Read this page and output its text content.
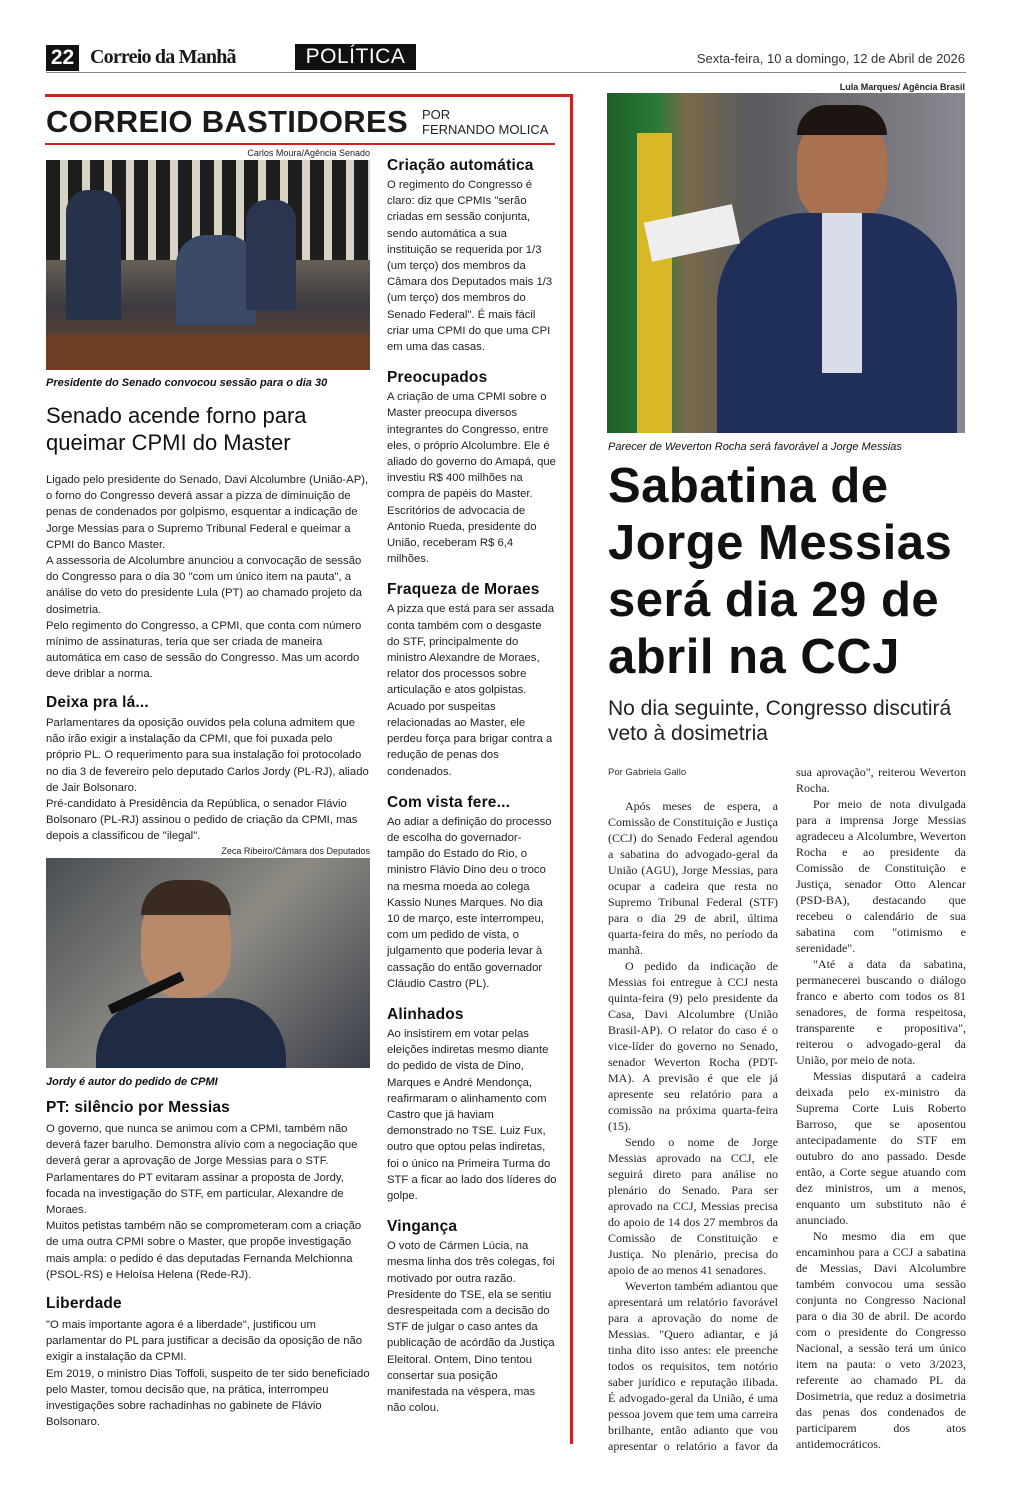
22 Correio da Manhã	POLÍTICA	Sexta-feira, 10 a domingo, 12 de Abril de 2026
CORREIO BASTIDORES POR
FERNANDO MOLICA
Carlos Moura/Agência Senado
Presidente do Senado convocou sessão para o dia 30
Senado acende forno para queimar CPMI do Master

Ligado pelo presidente do Senado, Davi Alcolumbre (União-AP), o forno do Congresso deverá assar a pizza de diminuição de penas de condenados por golpismo, esquentar a indicação de Jorge Messias para o Supremo Tribunal Federal e queimar a CPMI do Banco Master.

A assessoria de Alcolumbre anunciou a convocação de sessão do Congresso para o dia 30 "com um único item na pauta", a análise do veto do presidente Lula (PT) ao chamado projeto da dosimetria.

Pelo regimento do Congresso, a CPMI, que conta com número mínimo de assinaturas, teria que ser criada de maneira automática em caso de sessão do Congresso. Mas um acordo deve driblar a norma.

Deixa pra lá...

Parlamentares da oposição ouvidos pela coluna admitem que não irão exigir a instalação da CPMI, que foi puxada pelo próprio PL. O requerimento para sua instalação foi protocolado no dia 3 de fevereiro pelo deputado Carlos Jordy (PL-RJ), aliado de Jair Bolsonaro.

Pré-candidato à Presidência da República, o senador Flávio Bolsonaro (PL-RJ) assinou o pedido de criação da CPMI, mas depois a classificou de "ilegal".

Zeca Ribeiro/Câmara dos Deputados
Jordy é autor do pedido de CPMI
PT: silêncio por Messias

O governo, que nunca se animou com a CPMI, também não deverá fazer barulho. Demonstra alívio com a negociação que deverá gerar a aprovação de Jorge Messias para o STF. Parlamentares do PT evitaram assinar a proposta de Jordy, focada na investigação do STF, em particular, Alexandre de Moraes.

Muitos petistas também não se comprometeram com a criação de uma outra CPMI sobre o Master, que propõe investigação mais ampla: o pedido é das deputadas Fernanda Melchionna (PSOL-RS) e Heloísa Helena (Rede-RJ).

Liberdade

"O mais importante agora é a liberdade", justificou um parlamentar do PL para justificar a decisão da oposição de não exigir a instalação da CPMI.

Em 2019, o ministro Dias Toffoli, suspeito de ter sido beneficiado pelo Master, tomou decisão que, na prática, interrompeu investigações sobre rachadinhas no gabinete de Flávio Bolsonaro.

Criação automática
O regimento do Congresso é claro: diz que CPMIs "serão criadas em sessão conjunta, sendo automática a sua instituição se requerida por 1/3 (um terço) dos membros da Câmara dos Deputados mais 1/3 (um terço) dos membros do Senado Federal". É mais fácil criar uma CPMI do que uma CPI em uma das casas.
Preocupados
A criação de uma CPMI sobre o Master preocupa diversos integrantes do Congresso, entre eles, o próprio Alcolumbre. Ele é aliado do governo do Amapá, que investiu R$ 400 milhões na compra de papéis do Master. Escritórios de advocacia de Antonio Rueda, presidente do União, receberam R$ 6,4 milhões.
Fraqueza de Moraes
A pizza que está para ser assada conta também com o desgaste do STF, principalmente do ministro Alexandre de Moraes, relator dos processos sobre articulação e atos golpistas. Acuado por suspeitas relacionadas ao Master, ele perdeu força para brigar contra a redução de penas dos condenados.
Com vista fere...
Ao adiar a definição do processo de escolha do governador-tampão do Estado do Rio, o ministro Flávio Dino deu o troco na mesma moeda ao colega Kassio Nunes Marques. No dia 10 de março, este interrompeu, com um pedido de vista, o julgamento que poderia levar à cassação do então governador Cláudio Castro (PL).
Alinhados
Ao insistirem em votar pelas eleições indiretas mesmo diante do pedido de vista de Dino, Marques e André Mendonça, reafirmaram o alinhamento com Castro que já haviam demonstrado no TSE. Luiz Fux, outro que optou pelas indiretas, foi o único na Primeira Turma do STF a ficar ao lado dos líderes do golpe.
Vingança
O voto de Cármen Lúcia, na mesma linha dos três colegas, foi motivado por outra razão. Presidente do TSE, ela se sentiu desrespeitada com a decisão do STF de julgar o caso antes da publicação de acórdão da Justiça Eleitoral. Ontem, Dino tentou consertar sua posição manifestada na véspera, mas não colou.
Lula Marques/ Agência Brasil
Parecer de Weverton Rocha será favorável a Jorge Messias
Sabatina de Jorge Messias será dia 29 de abril na CCJ
No dia seguinte, Congresso discutirá veto à dosimetria
Por Gabriela Gallo

Após meses de espera, a Comissão de Constituição e Justiça (CCJ) do Senado Federal agendou a sabatina do advogado-geral da União (AGU), Jorge Messias, para ocupar a cadeira que resta no Supremo Tribunal Federal (STF) para o dia 29 de abril, última quarta-feira do mês, no período da manhã.

O pedido da indicação de Messias foi entregue à CCJ nesta quinta-feira (9) pelo presidente da Casa, Davi Alcolumbre (União Brasil-AP). O relator do caso é o vice-líder do governo no Senado, senador Weverton Rocha (PDT-MA). A previsão é que ele já apresente seu relatório para a comissão na próxima quarta-feira (15).

Sendo o nome de Jorge Messias aprovado na CCJ, ele seguirá direto para análise no plenário do Senado. Para ser aprovado na CCJ, Messias precisa do apoio de 14 dos 27 membros da Comissão de Constituição e Justiça. No plenário, precisa do apoio de ao menos 41 senadores.

Weverton também adiantou que apresentará um relatório favorável para a aprovação do nome de Messias. "Quero adiantar, e já tinha dito isso antes: ele preenche todos os requisitos, tem notório saber jurídico e reputação ilibada. É advogado-geral da União, é uma pessoa jovem que tem uma carreira brilhante, então adianto que vou apresentar o relatório a favor da sua aprovação", reiterou Weverton Rocha.

Por meio de nota divulgada para a imprensa Jorge Messias agradeceu a Alcolumbre, Weverton Rocha e ao presidente da Comissão de Constituição e Justiça, senador Otto Alencar (PSD-BA), destacando que recebeu o calendário de sua sabatina com "otimismo e serenidade".

"Até a data da sabatina, permanecerei buscando o diálogo franco e aberto com todos os 81 senadores, de forma respeitosa, transparente e propositiva", reiterou o advogado-geral da União, por meio de nota.

Messias disputará a cadeira deixada pelo ex-ministro da Suprema Corte Luis Roberto Barroso, que se aposentou antecipadamente do STF em outubro do ano passado. Desde então, a Corte segue atuando com dez ministros, um a menos, enquanto um substituto não é anunciado.

No mesmo dia em que encaminhou para a CCJ a sabatina de Messias, Davi Alcolumbre também convocou uma sessão conjunta no Congresso Nacional para o dia 30 de abril. De acordo com o presidente do Congresso Nacional, a sessão terá um único item na pauta: o veto 3/2023, referente ao chamado PL da Dosimetria, que reduz a dosimetria das penas dos condenados de participarem dos atos antidemocráticos.
